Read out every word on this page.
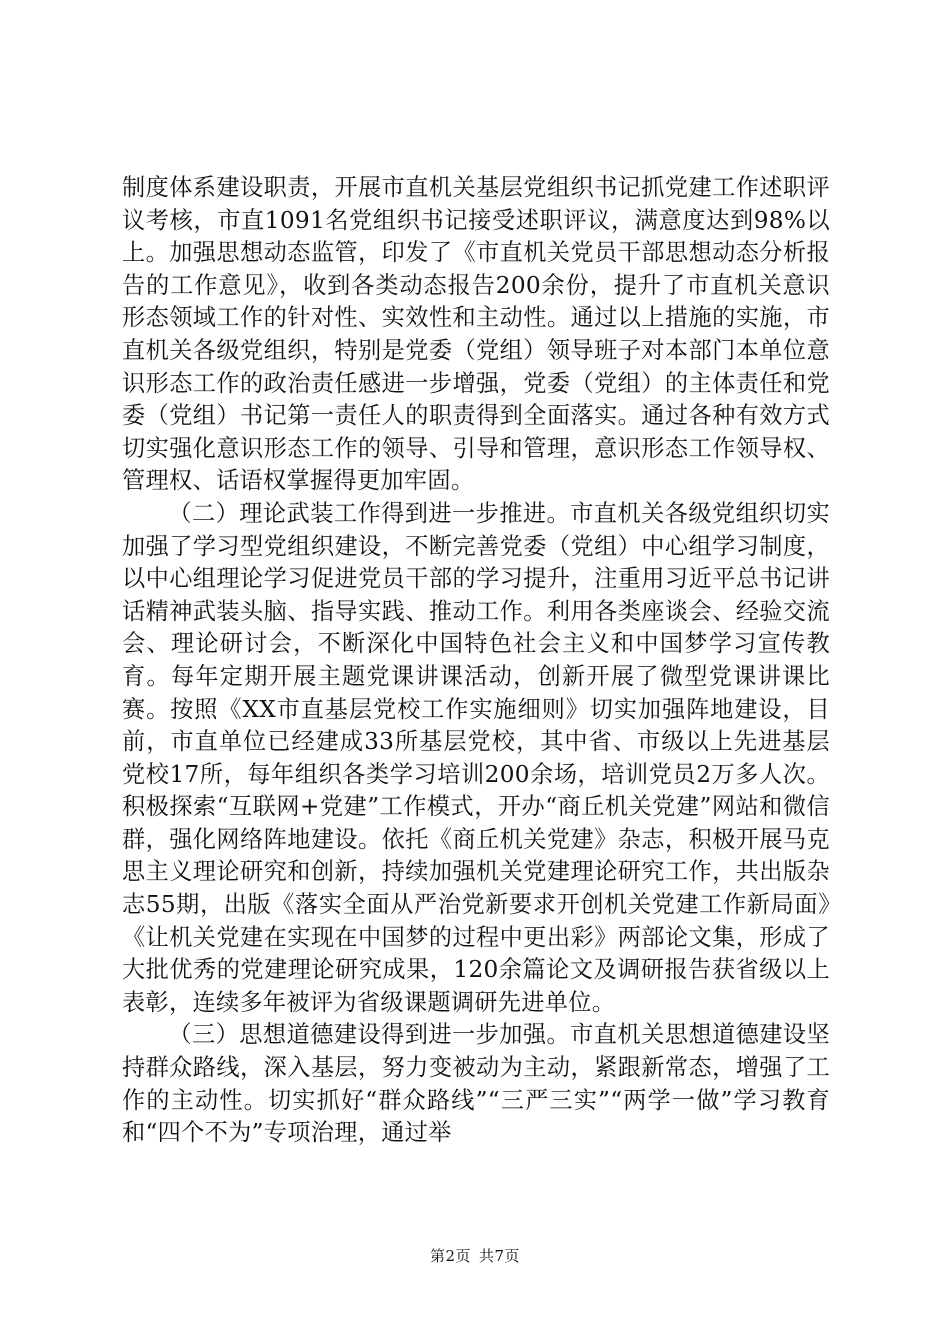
制度体系建设职责，开展市直机关基层党组织书记抓党建工作述职评议考核，市直1091名党组织书记接受述职评议，满意度达到98%以上。加强思想动态监管，印发了《市直机关党员干部思想动态分析报告的工作意见》，收到各类动态报告200余份，提升了市直机关意识形态领域工作的针对性、实效性和主动性。通过以上措施的实施，市直机关各级党组织，特别是党委（党组）领导班子对本部门本单位意识形态工作的政治责任感进一步增强，党委（党组）的主体责任和党委（党组）书记第一责任人的职责得到全面落实。通过各种有效方式切实强化意识形态工作的领导、引导和管理，意识形态工作领导权、管理权、话语权掌握得更加牢固。

（二）理论武装工作得到进一步推进。市直机关各级党组织切实加强了学习型党组织建设，不断完善党委（党组）中心组学习制度，以中心组理论学习促进党员干部的学习提升，注重用习近平总书记讲话精神武装头脑、指导实践、推动工作。利用各类座谈会、经验交流会、理论研讨会，不断深化中国特色社会主义和中国梦学习宣传教育。每年定期开展主题党课讲课活动，创新开展了微型党课讲课比赛。按照《XX市直基层党校工作实施细则》切实加强阵地建设，目前，市直单位已经建成33所基层党校，其中省、市级以上先进基层党校17所，每年组织各类学习培训200余场，培训党员2万多人次。积极探索“互联网+党建”工作模式，开办“商丘机关党建”网站和微信群，强化网络阵地建设。依托《商丘机关党建》杂志，积极开展马克思主义理论研究和创新，持续加强机关党建理论研究工作，共出版杂志55期，出版《落实全面从严治党新要求开创机关党建工作新局面》《让机关党建在实现在中国梦的过程中更出彩》两部论文集，形成了大批优秀的党建理论研究成果，120余篇论文及调研报告获省级以上表彰，连续多年被评为省级课题调研先进单位。

（三）思想道德建设得到进一步加强。市直机关思想道德建设坚持群众路线，深入基层，努力变被动为主动，紧跟新常态，增强了工作的主动性。切实抓好“群众路线”“三严三实”“两学一做”学习教育和“四个不为”专项治理，通过举

第2页 共7页
